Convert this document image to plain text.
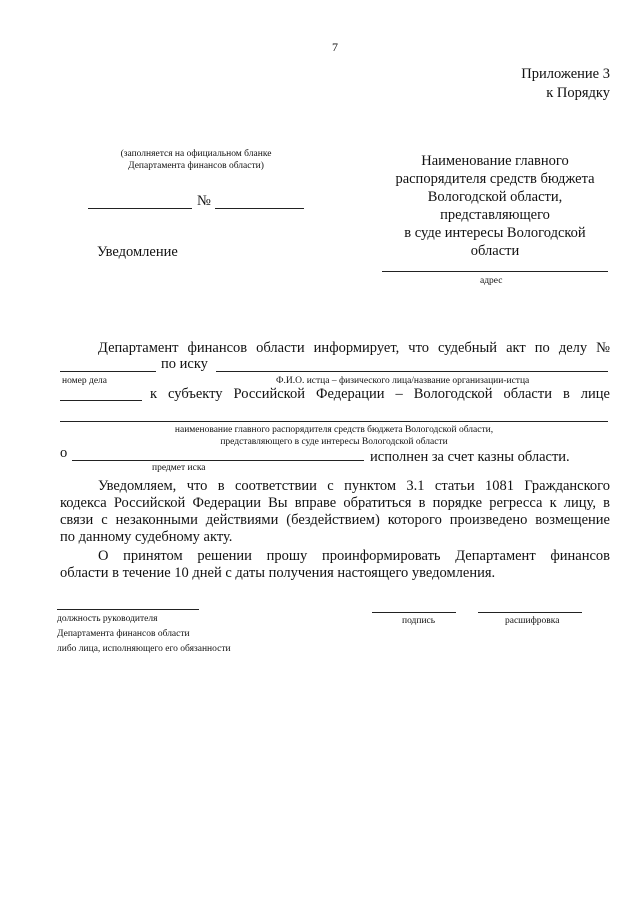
7
Приложение 3
к Порядку
(заполняется на официальном бланке
Департамента финансов области)
№
Уведомление
Наименование главного
распорядителя средств бюджета
Вологодской области,
представляющего
в суде интересы Вологодской
области
адрес
Департамент финансов области информирует, что судебный акт по делу №
по иску
номер дела	Ф.И.О. истца – физического лица/название организации-истца
к субъекту Российской Федерации – Вологодской области в лице
наименование главного распорядителя средств бюджета Вологодской области,
представляющего в суде интересы Вологодской области
о	исполнен за счет казны области.
предмет иска
Уведомляем, что в соответствии с пунктом 3.1 статьи 1081 Гражданского
кодекса Российской Федерации Вы вправе обратиться в порядке регресса к лицу, в
связи с незаконными действиями (бездействием) которого произведено возмещение
по данному судебному акту.
О принятом решении прошу проинформировать Департамент финансов
области в течение 10 дней с даты получения настоящего уведомления.
должность руководителя
Департамента финансов области
либо лица, исполняющего его обязанности
подпись	расшифровка
